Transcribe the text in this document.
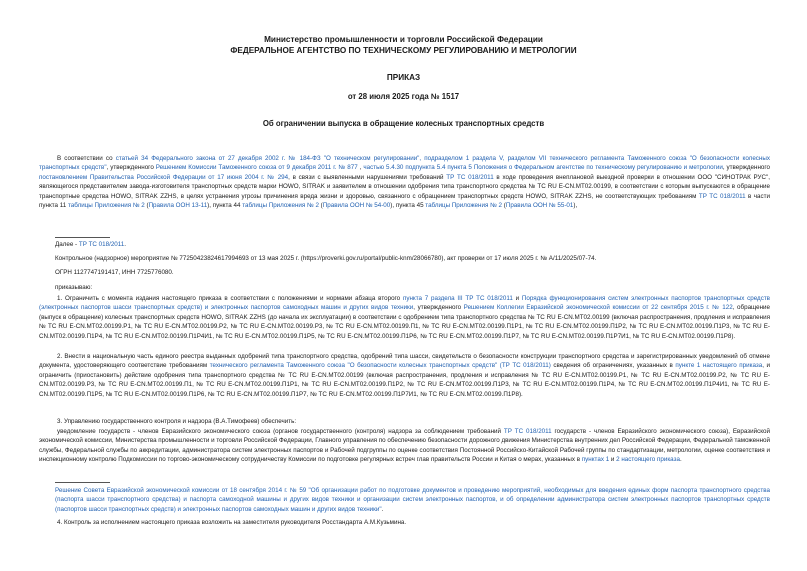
Министерство промышленности и торговли Российской Федерации
ФЕДЕРАЛЬНОЕ АГЕНТСТВО ПО ТЕХНИЧЕСКОМУ РЕГУЛИРОВАНИЮ И МЕТРОЛОГИИ
ПРИКАЗ
от 28 июля 2025 года № 1517
Об ограничении выпуска в обращение колесных транспортных средств
В соответствии со статьей 34 Федерального закона от 27 декабря 2002 г. № 184-ФЗ "О техническом регулировании", подразделом 1 раздела V, разделом VII технического регламента Таможенного союза "О безопасности колесных транспортных средств", утвержденного Решением Комиссии Таможенного союза от 9 декабря 2011 г. № 877 , частью 5.4.30 подпункта 5.4 пункта 5 Положения о Федеральном агентстве по техническому регулированию и метрологии, утвержденного постановлением Правительства Российской Федерации от 17 июня 2004 г. № 294, в связи с выявленными нарушениями требований ТР ТС 018/2011 в ходе проведения внеплановой выездной проверки в отношении ООО "СИНОТРАК РУС", являющегося представителем завода-изготовителя транспортных средств марки HOWO, SITRAK и заявителем в отношении одобрения типа транспортного средства № ТС RU E-CN.МТ02.00199, в соответствии с которым выпускаются в обращение транспортные средства HOWO, SITRAK ZZHS, в целях устранения угрозы причинения вреда жизни и здоровью, связанного с обращением транспортных средств HOWO, SITRAK ZZHS, не соответствующих требованиям ТР ТС 018/2011 в части пункта 11 таблицы Приложения № 2 (Правила ООН 13-11), пункта 44 таблицы Приложения № 2 (Правила ООН № 54-00), пункта 45 таблицы Приложения № 2 (Правила ООН № 55-01),
Далее - ТР ТС 018/2011.
Контрольное (надзорное) мероприятие № 77250423824617994693 от 13 мая 2025 г. (https://proverki.gov.ru/portal/public-knm/28066780), акт проверки от 17 июля 2025 г. № А/11/2025/07-74.
ОГРН 1127747191417, ИНН 7725776080.
приказываю:
1. Ограничить с момента издания настоящего приказа в соответствии с положениями и нормами абзаца второго пункта 7 раздела III ТР ТС 018/2011 и Порядка функционирования систем электронных паспортов транспортных средств (электронных паспортов шасси транспортных средств) и электронных паспортов самоходных машин и других видов техники, утвержденного Решением Коллегии Евразийской экономической комиссии от 22 сентября 2015 г. № 122, обращение (выпуск в обращение) колесных транспортных средств HOWO, SITRAK ZZHS (до начала их эксплуатации) в соответствии с одобрением типа транспортного средства № ТС RU E-CN.МТ02.00199 (включая распространения, продления и исправления № ТС RU E-CN.МТ02.00199.Р1, № ТС RU E-CN.МТ02.00199.Р2, № ТС RU E-CN.МТ02.00199.Р3, № ТС RU E-CN.МТ02.00199.П1, № ТС RU E-CN.МТ02.00199.П1Р1, № ТС RU E-CN.МТ02.00199.П1Р2, № ТС RU E-CN.МТ02.00199.П1Р3, № ТС RU E-CN.МТ02.00199.П1Р4, № ТС RU E-CN.МТ02.00199.П1Р4И1, № ТС RU E-CN.МТ02.00199.П1Р5, № ТС RU E-CN.МТ02.00199.П1Р6, № ТС RU E-CN.МТ02.00199.П1Р7, № ТС RU E-CN.МТ02.00199.П1Р7И1, № ТС RU E-CN.МТ02.00199.П1Р8).
2. Внести в национальную часть единого реестра выданных одобрений типа транспортного средства, одобрений типа шасси, свидетельств о безопасности конструкции транспортного средства и зарегистрированных уведомлений об отмене документа, удостоверяющего соответствие требованиям технического регламента Таможенного союза "О безопасности колесных транспортных средств" (ТР ТС 018/2011) сведения об ограничениях, указанных в пункте 1 настоящего приказа, и ограничить (приостановить) действие одобрения типа транспортного средства № ТС RU E-CN.МТ02.00199 (включая распространения, продления и исправления № ТС RU E-CN.МТ02.00199.Р1, № ТС RU E-CN.МТ02.00199.Р2, № ТС RU E-CN.МТ02.00199.Р3, № ТС RU E-CN.МТ02.00199.П1, № ТС RU E-CN.МТ02.00199.П1Р1, № ТС RU E-CN.МТ02.00199.П1Р2, № ТС RU E-CN.МТ02.00199.П1Р3, № ТС RU E-CN.МТ02.00199.П1Р4, № ТС RU E-CN.МТ02.00199.П1Р4И1, № ТС RU E-CN.МТ02.00199.П1Р5, № ТС RU E-CN.МТ02.00199.П1Р6, № ТС RU E-CN.МТ02.00199.П1Р7, № ТС RU E-CN.МТ02.00199.П1Р7И1, № ТС RU E-CN.МТ02.00199.П1Р8).
3. Управлению государственного контроля и надзора (В.А.Тимофеев) обеспечить:
уведомление государств - членов Евразийского экономического союза (органов государственного (контроля) надзора за соблюдением требований ТР ТС 018/2011 государств - членов Евразийского экономического союза), Евразийской экономической комиссии, Министерства промышленности и торговли Российской Федерации, Главного управления по обеспечению безопасности дорожного движения Министерства внутренних дел Российской Федерации, Федеральной таможенной службы, Федеральной службы по аккредитации, администратора систем электронных паспортов и Рабочей подгруппы по оценке соответствия Постоянной Российско-Китайской Рабочей группы по стандартизации, метрологии, оценке соответствия и инспекционному контролю Подкомиссии по торгово-экономическому сотрудничеству Комиссии по подготовке регулярных встреч глав правительств России и Китая о мерах, указанных в пунктах 1 и 2 настоящего приказа.
Решение Совета Евразийской экономической комиссии от 18 сентября 2014 г. № 59 "Об организации работ по подготовке документов и проведению мероприятий, необходимых для введения единых форм паспорта транспортного средства (паспорта шасси транспортного средства) и паспорта самоходной машины и других видов техники и организации систем электронных паспортов, и об определении администратора систем электронных паспортов транспортных средств (паспортов шасси транспортных средств) и электронных паспортов самоходных машин и других видов техники".
4. Контроль за исполнением настоящего приказа возложить на заместителя руководителя Росстандарта А.М.Кузьмина.
